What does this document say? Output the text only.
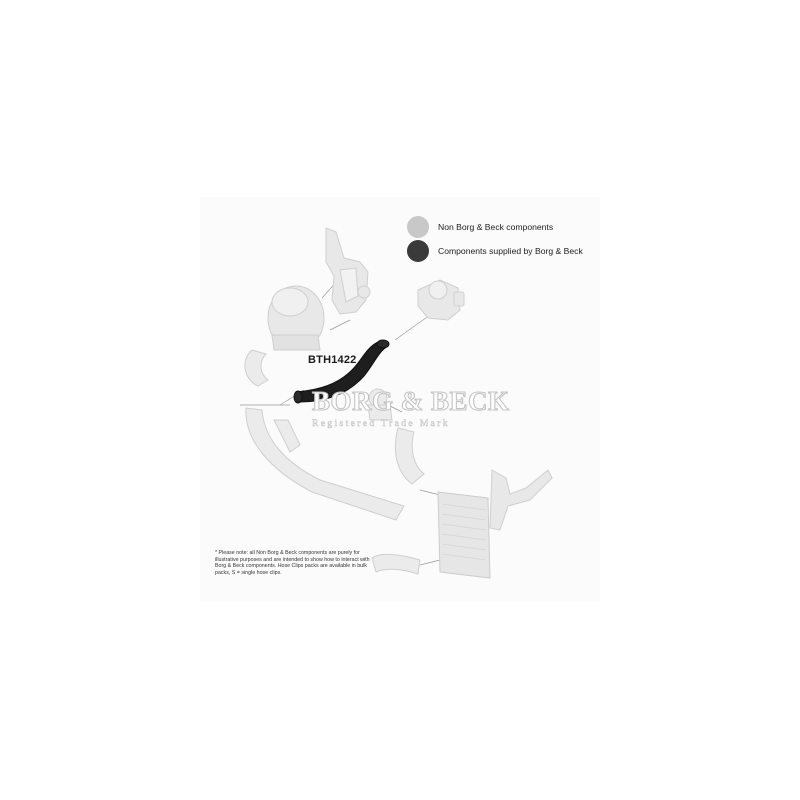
Non Borg & Beck components
Components supplied by Borg & Beck
BTH1422
BORG & BECK
Registered Trade Mark
* Please note: all Non Borg & Beck components are purely for illustrative purposes and are intended to show how to interact with Borg & Beck components. Hose Clips packs are available in bulk packs, S = single hose clips.
